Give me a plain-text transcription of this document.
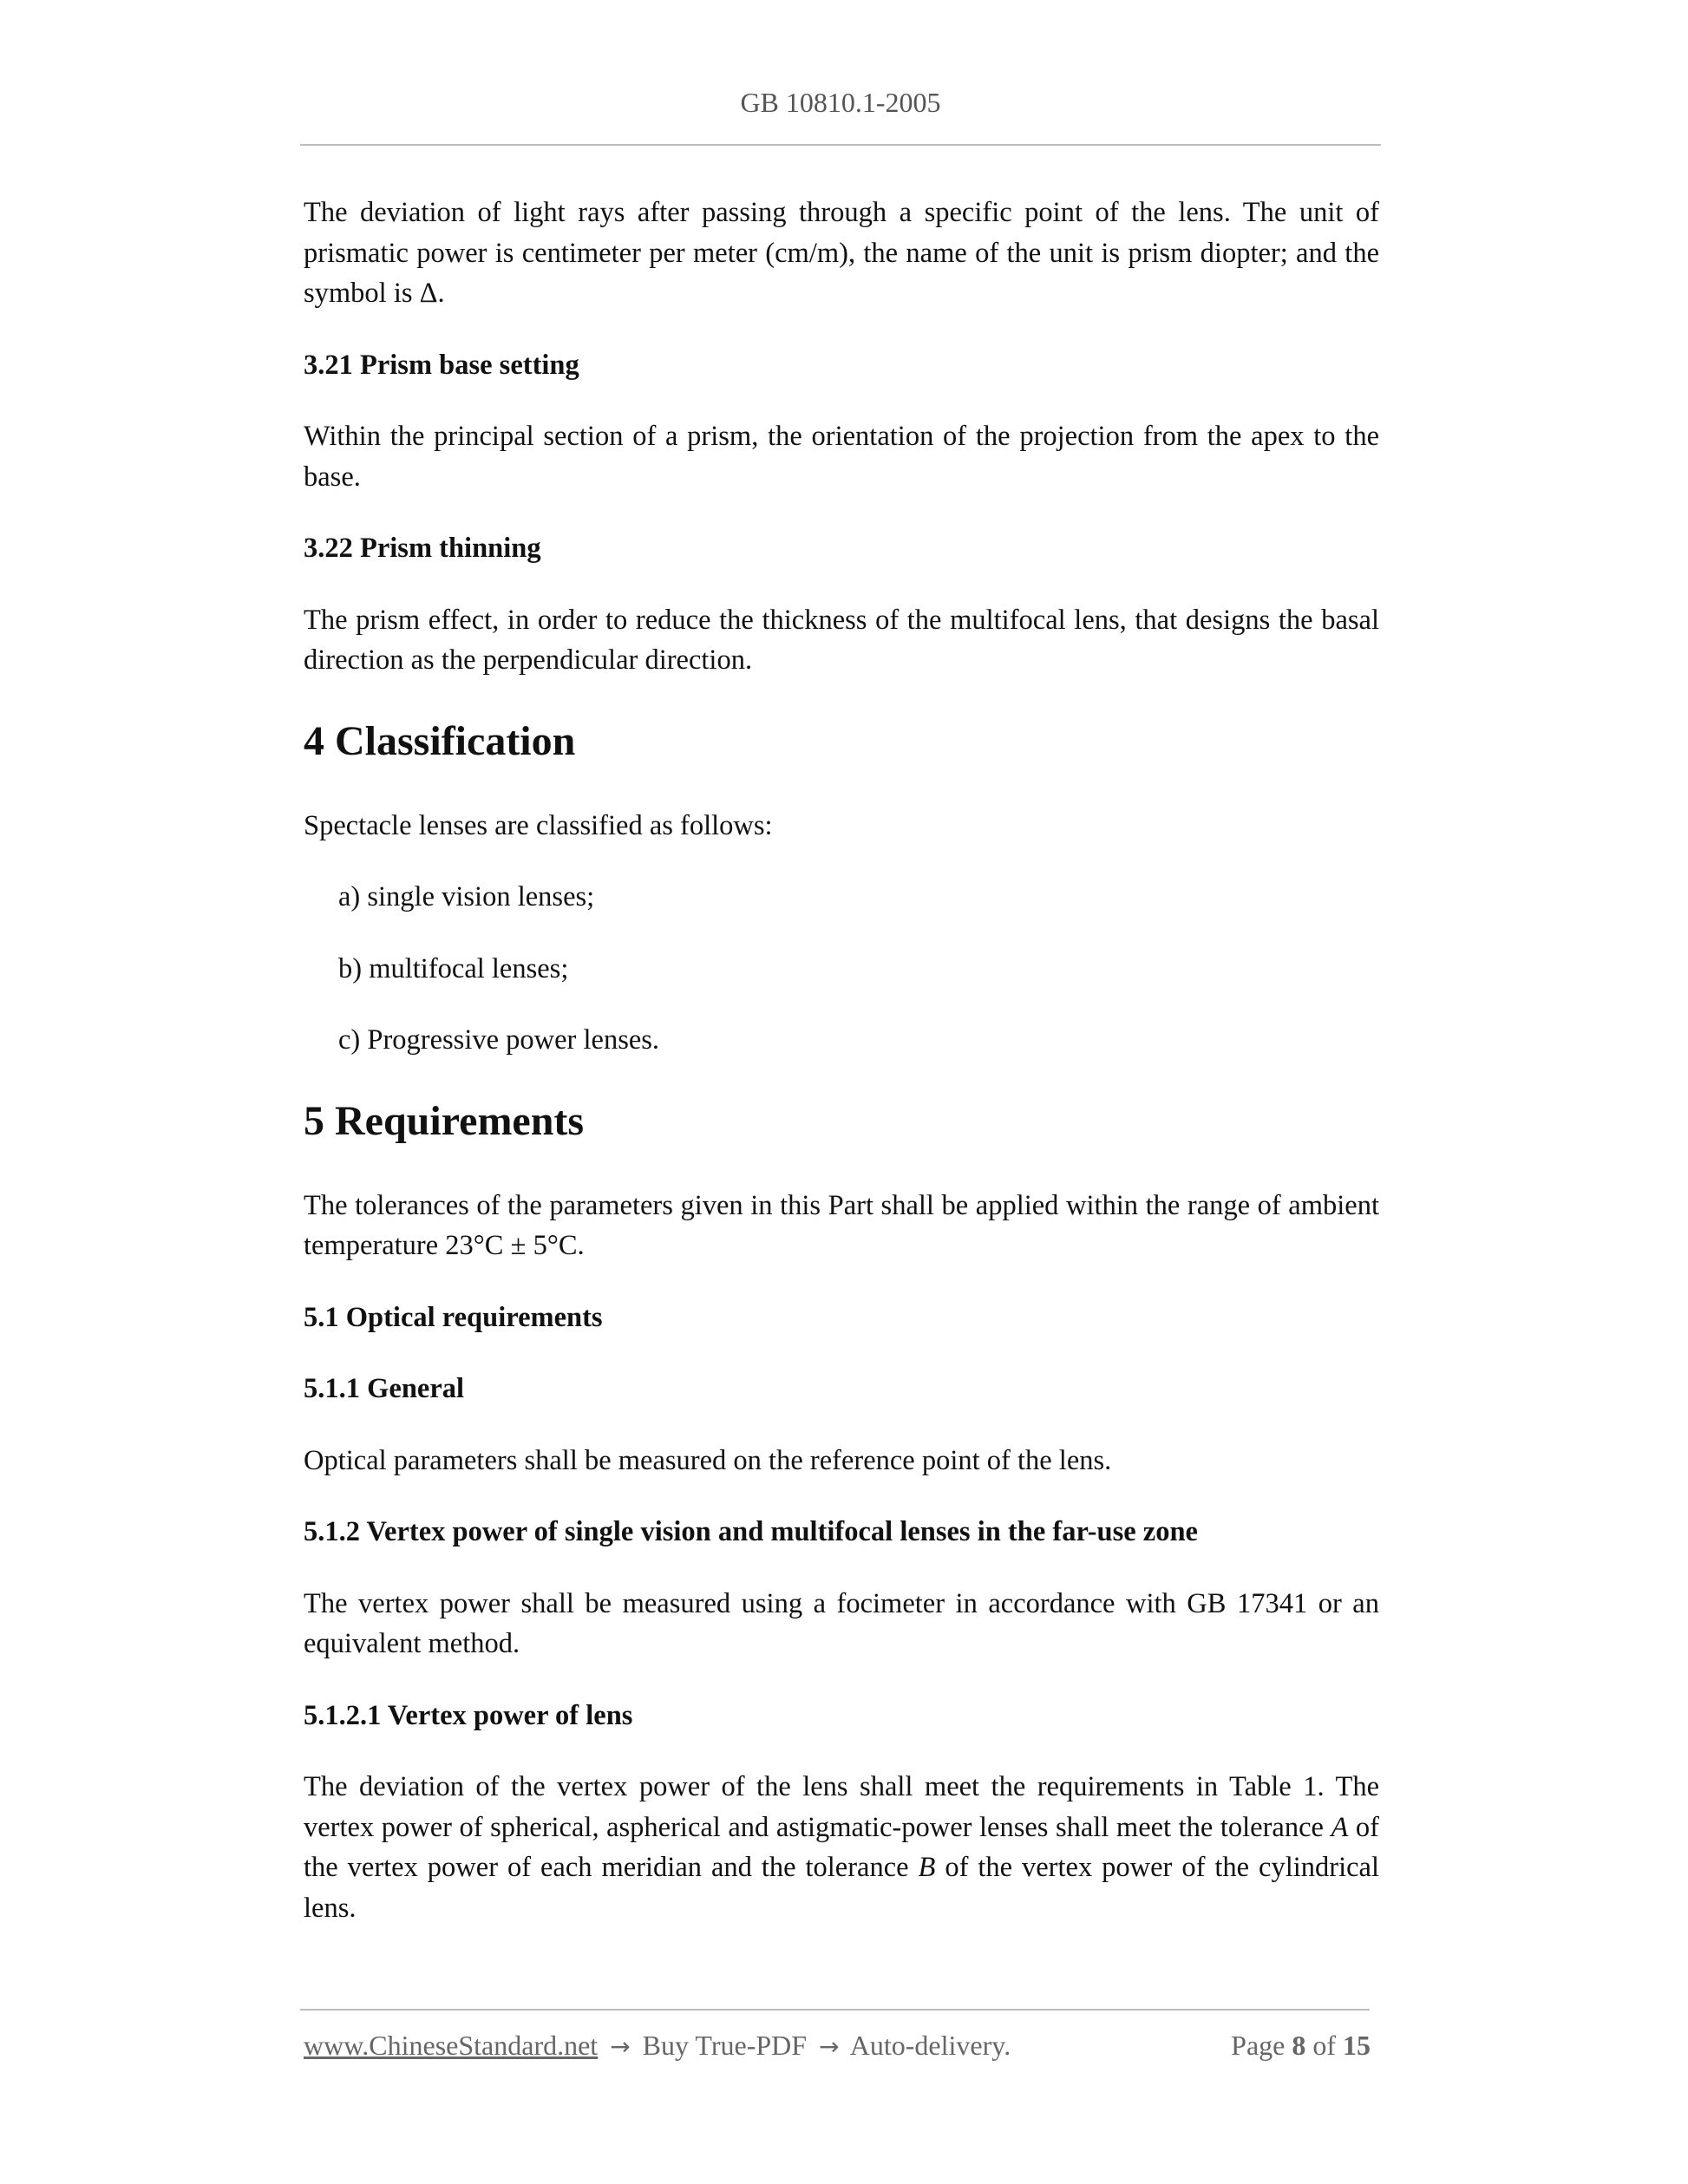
GB 10810.1-2005

The deviation of light rays after passing through a specific point of the lens. The unit of prismatic power is centimeter per meter (cm/m), the name of the unit is prism diopter; and the symbol is Δ.

3.21 Prism base setting

Within the principal section of a prism, the orientation of the projection from the apex to the base.

3.22 Prism thinning

The prism effect, in order to reduce the thickness of the multifocal lens, that designs the basal direction as the perpendicular direction.

4 Classification

Spectacle lenses are classified as follows:

a) single vision lenses;
b) multifocal lenses;
c) Progressive power lenses.
5 Requirements

The tolerances of the parameters given in this Part shall be applied within the range of ambient temperature 23°C ± 5°C.

5.1 Optical requirements

5.1.1 General

Optical parameters shall be measured on the reference point of the lens.

5.1.2 Vertex power of single vision and multifocal lenses in the far-use zone

The vertex power shall be measured using a focimeter in accordance with GB 17341 or an equivalent method.

5.1.2.1 Vertex power of lens

The deviation of the vertex power of the lens shall meet the requirements in Table 1. The vertex power of spherical, aspherical and astigmatic-power lenses shall meet the tolerance A of the vertex power of each meridian and the tolerance B of the vertex power of the cylindrical lens.

www.ChineseStandard.net → Buy True-PDF → Auto-delivery.	Page 8 of 15
